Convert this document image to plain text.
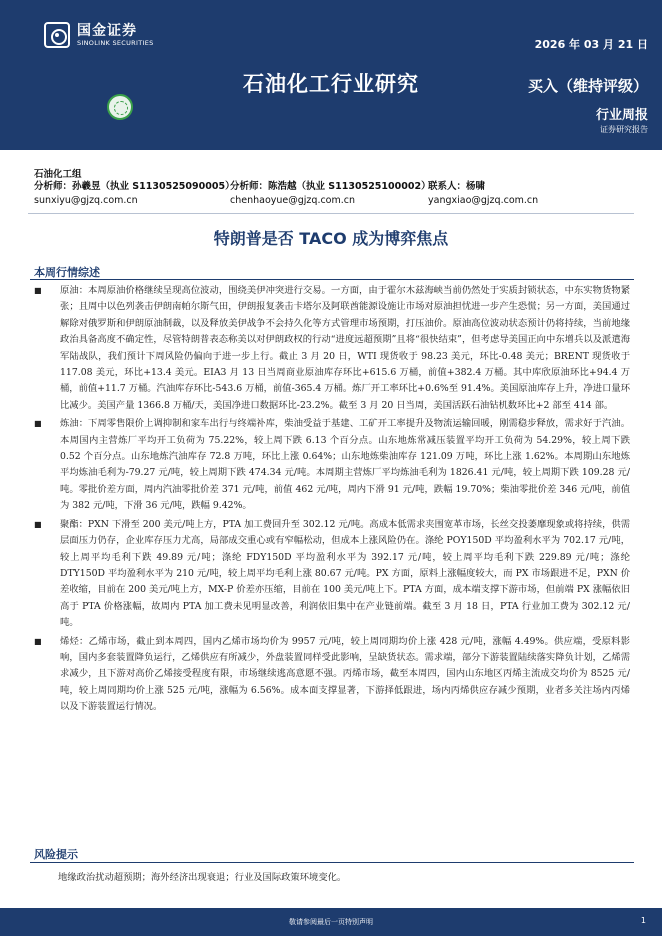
国金证券
SINOLINK SECURITIES	2026 年 03 月 21 日
石油化工行业研究	买入（维持评级）
行业周报
证券研究报告
石油化工组
分析师：孙羲昱（执业 S1130525090005）
sunxiyu@gjzq.com.cn
分析师：陈浩越（执业 S1130525100002）
chenhaoyue@gjzq.com.cn
联系人：杨啸
yangxiao@gjzq.com.cn
特朗普是否 TACO 成为博弈焦点
本周行情综述

■ 原油：本周原油价格继续呈现高位波动，围绕美伊冲突进行交易。一方面，由于霍尔木兹海峡当前仍然处于实质封锁状态，中东实物货物紧张；且周中以色列袭击伊朗南帕尔斯气田，伊朗报复袭击卡塔尔及阿联酋能源设施让市场对原油担忧进一步产生恐慌；另一方面，美国通过解除对俄罗斯和伊朗原油制裁，以及释放美伊战争不会持久化等方式管理市场预期，打压油价。原油高位波动状态预计仍将持续，当前地缘政治具备高度不确定性，尽管特朗普表态称美以对伊朗政权的行动“进度远超预期”且将“很快结束”，但考虑导美国正向中东增兵以及派遣海军陆战队，我们预计下周风险仍偏向于进一步上行。截止 3 月 20 日，WTI 现货收于 98.23 美元，环比-0.48 美元；BRENT 现货收于 117.08 美元，环比+13.4 美元。EIA3 月 13 日当周商业原油库存环比+615.6 万桶，前值+382.4 万桶。其中库欣原油环比+94.4 万桶，前值+11.7 万桶。汽油库存环比-543.6 万桶，前值-365.4 万桶。炼厂开工率环比+0.6%至 91.4%。美国原油库存上升，净进口量环比减少。美国产量 1366.8 万桶/天，美国净进口数据环比-23.2%。截至 3 月 20 日当周，美国活跃石油钻机数环比+2 部至 414 部。

■ 炼油：下周零售限价上调抑制和家车出行与终端补库，柴油受益于基建、工矿开工率提升及物流运输回暖，刚需稳步释放，需求好于汽油。本周国内主营炼厂平均开工负荷为 75.22%，较上周下跌 6.13 个百分点。山东地炼常减压装置平均开工负荷为 54.29%，较上周下跌 0.52 个百分点。山东地炼汽油库存 72.8 万吨，环比上涨 0.64%；山东地炼柴油库存 121.09 万吨，环比上涨 1.62%。本周期山东地炼平均炼油毛利为-79.27 元/吨，较上周期下跌 474.34 元/吨。本周期主营炼厂平均炼油毛利为 1826.41 元/吨，较上周期下跌 109.28 元/吨。零批价差方面，周内汽油零批价差 371 元/吨，前值 462 元/吨，周内下滑 91 元/吨，跌幅 19.70%；柴油零批价差 346 元/吨，前值为 382 元/吨，下滑 36 元/吨，跌幅 9.42%。

■ 聚酯：PXN 下滑至 200 美元/吨上方，PTA 加工费回升至 302.12 元/吨。高成本低需求夹围宽革市场，长丝交投萎靡现象或将持续，供需层面压力仍存，企业库存压力尤高，局部成交重心或有窄幅松动，但成本上涨风险仍在。涤纶 POY150D 平均盈利水平为 702.17 元/吨，较上周平均毛利下跌 49.89 元/吨；涤纶 FDY150D 平均盈利水平为 392.17 元/吨，较上周平均毛利下跌 229.89 元/吨；涤纶 DTY150D 平均盈利水平为 210 元/吨，较上周平均毛利上涨 80.67 元/吨。PX 方面，原料上涨幅度较大，而 PX 市场跟进不足，PXN 价差收缩，目前在 200 美元/吨上方，MX-P 价差亦压缩，目前在 100 美元/吨上下。PTA 方面，成本端支撑下游市场，但前端 PX 涨幅依旧高于 PTA 价格涨幅，故周内 PTA 加工费未见明显改善，利润依旧集中在产业链前端。截至 3 月 18 日，PTA 行业加工费为 302.12 元/吨。

■ 烯烃：乙烯市场，截止到本周四，国内乙烯市场均价为 9957 元/吨，较上周同期均价上涨 428 元/吨，涨幅 4.49%。供应端，受原料影响，国内多套装置降负运行，乙烯供应有所减少，外盘装置同样受此影响，呈缺货状态。需求端，部分下游装置陆续落实降负计划，乙烯需求减少，且下游对高价乙烯接受程度有限，市场继续逃高意愿不强。丙烯市场，截至本周四，国内山东地区丙烯主流成交均价为 8525 元/吨，较上周同期均价上涨 525 元/吨，涨幅为 6.56%。成本面支撑显著，下游择低跟进，场内丙烯供应存减少预期，业者多关注场内丙烯以及下游装置运行情况。

风险提示
地缘政治扰动超预期；海外经济出现衰退；行业及国际政策环境变化。
敬请参阅最后一页特别声明	1
